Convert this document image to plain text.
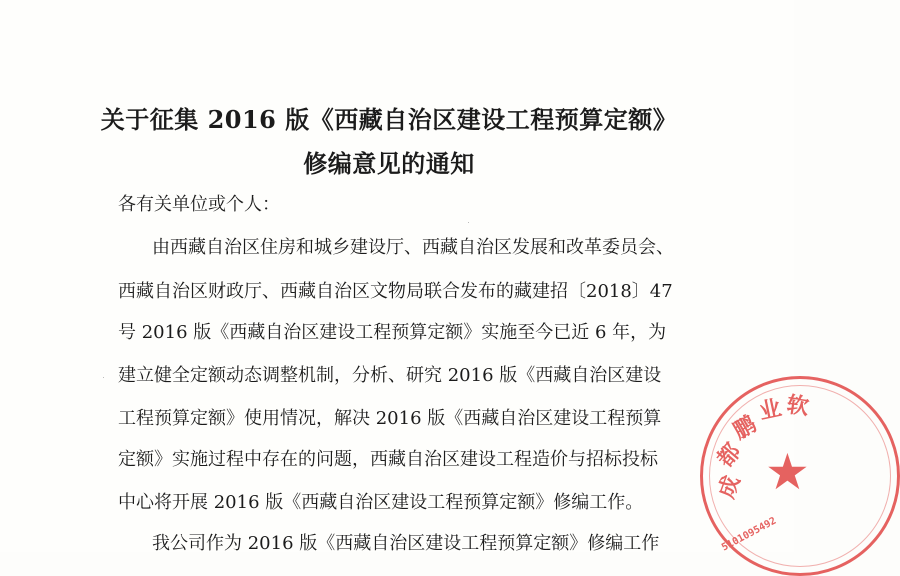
关于征集 2016 版《西藏自治区建设工程预算定额》
修编意见的通知
各有关单位或个人：
由西藏自治区住房和城乡建设厅、西藏自治区发展和改革委员会、
西藏自治区财政厅、西藏自治区文物局联合发布的藏建招〔2018〕47
号 2016 版《西藏自治区建设工程预算定额》实施至今已近 6 年，为
建立健全定额动态调整机制，分析、研究 2016 版《西藏自治区建设
工程预算定额》使用情况，解决 2016 版《西藏自治区建设工程预算
定额》实施过程中存在的问题，西藏自治区建设工程造价与招标投标
中心将开展 2016 版《西藏自治区建设工程预算定额》修编工作。
我公司作为 2016 版《西藏自治区建设工程预算定额》修编工作
★
成
都
鹏
业 软
5101095492
